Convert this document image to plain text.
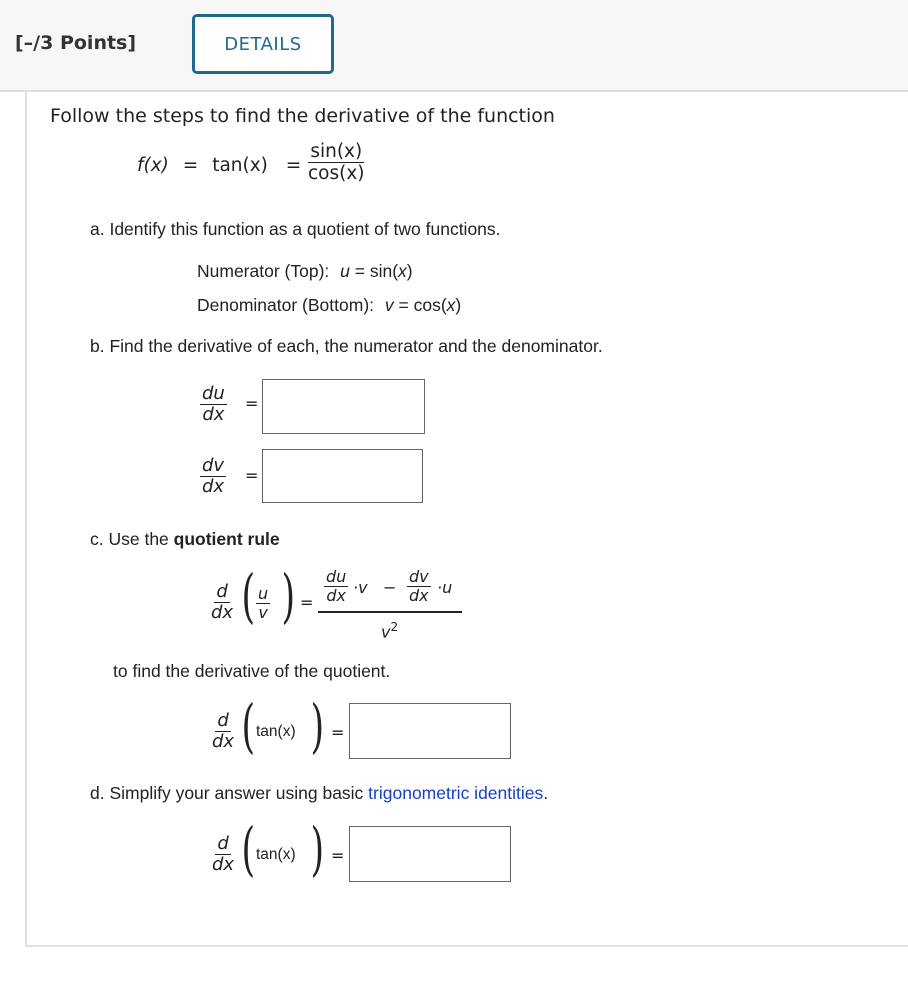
[–/3 Points]	DETAILS
Follow the steps to find the derivative of the function
$f(x) = \tan(x) = \frac{\sin(x)}{\cos(x)}$
a. Identify this function as a quotient of two functions.
Numerator (Top): u = sin(x)
Denominator (Bottom): v = cos(x)
b. Find the derivative of each, the numerator and the denominator.
$\frac{du}{dx}$ =
$\frac{dv}{dx}$ =
c. Use the quotient rule
$\frac{d}{dx}$ ( $\frac{u}{v}$ ) = $\frac{du}{dx} \cdot v - \frac{dv}{dx} \cdot u$
$v^2$
to find the derivative of the quotient.
$\frac{d}{dx}$ ( tan(x) ) =
d. Simplify your answer using basic trigonometric identities.
$\frac{d}{dx}$ ( tan(x) ) =
